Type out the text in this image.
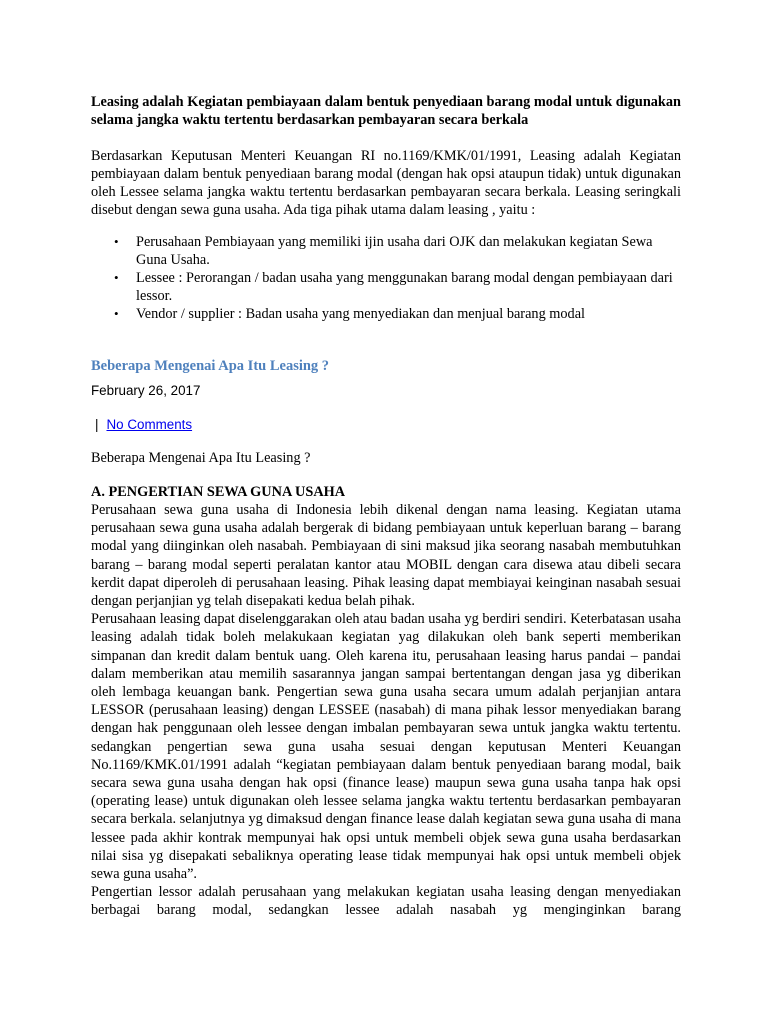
Leasing adalah Kegiatan pembiayaan dalam bentuk penyediaan barang modal untuk digunakan selama jangka waktu tertentu berdasarkan pembayaran secara berkala

Berdasarkan Keputusan Menteri Keuangan RI no.1169/KMK/01/1991, Leasing adalah Kegiatan pembiayaan dalam bentuk penyediaan barang modal (dengan hak opsi ataupun tidak) untuk digunakan oleh Lessee selama jangka waktu tertentu berdasarkan pembayaran secara berkala. Leasing seringkali disebut dengan sewa guna usaha. Ada tiga pihak utama dalam leasing , yaitu :

• Perusahaan Pembiayaan yang memiliki ijin usaha dari OJK dan melakukan kegiatan Sewa Guna Usaha.
• Lessee : Perorangan / badan usaha yang menggunakan barang modal dengan pembiayaan dari lessor.
• Vendor / supplier : Badan usaha yang menyediakan dan menjual barang modal

Beberapa Mengenai Apa Itu Leasing ?

February 26, 2017
| No Comments

Beberapa Mengenai Apa Itu Leasing ?

A. PENGERTIAN SEWA GUNA USAHA

Perusahaan sewa guna usaha di Indonesia lebih dikenal dengan nama leasing. Kegiatan utama perusahaan sewa guna usaha adalah bergerak di bidang pembiayaan untuk keperluan barang – barang modal yang diinginkan oleh nasabah. Pembiayaan di sini maksud jika seorang nasabah membutuhkan barang – barang modal seperti peralatan kantor atau MOBIL dengan cara disewa atau dibeli secara kerdit dapat diperoleh di perusahaan leasing. Pihak leasing dapat membiayai keinginan nasabah sesuai dengan perjanjian yg telah disepakati kedua belah pihak.

Perusahaan leasing dapat diselenggarakan oleh atau badan usaha yg berdiri sendiri. Keterbatasan usaha leasing adalah tidak boleh melakukaan kegiatan yag dilakukan oleh bank seperti memberikan simpanan dan kredit dalam bentuk uang. Oleh karena itu, perusahaan leasing harus pandai – pandai dalam memberikan atau memilih sasarannya jangan sampai bertentangan dengan jasa yg diberikan oleh lembaga keuangan bank. Pengertian sewa guna usaha secara umum adalah perjanjian antara LESSOR (perusahaan leasing) dengan LESSEE (nasabah) di mana pihak lessor menyediakan barang dengan hak penggunaan oleh lessee dengan imbalan pembayaran sewa untuk jangka waktu tertentu. sedangkan pengertian sewa guna usaha sesuai dengan keputusan Menteri Keuangan No.1169/KMK.01/1991 adalah “kegiatan pembiayaan dalam bentuk penyediaan barang modal, baik secara sewa guna usaha dengan hak opsi (finance lease) maupun sewa guna usaha tanpa hak opsi (operating lease) untuk digunakan oleh lessee selama jangka waktu tertentu berdasarkan pembayaran secara berkala. selanjutnya yg dimaksud dengan finance lease dalah kegiatan sewa guna usaha di mana lessee pada akhir kontrak mempunyai hak opsi untuk membeli objek sewa guna usaha berdasarkan nilai sisa yg disepakati sebaliknya operating lease tidak mempunyai hak opsi untuk membeli objek sewa guna usaha”.

Pengertian lessor adalah perusahaan yang melakukan kegiatan usaha leasing dengan menyediakan berbagai barang modal, sedangkan lessee adalah nasabah yg menginginkan barang
